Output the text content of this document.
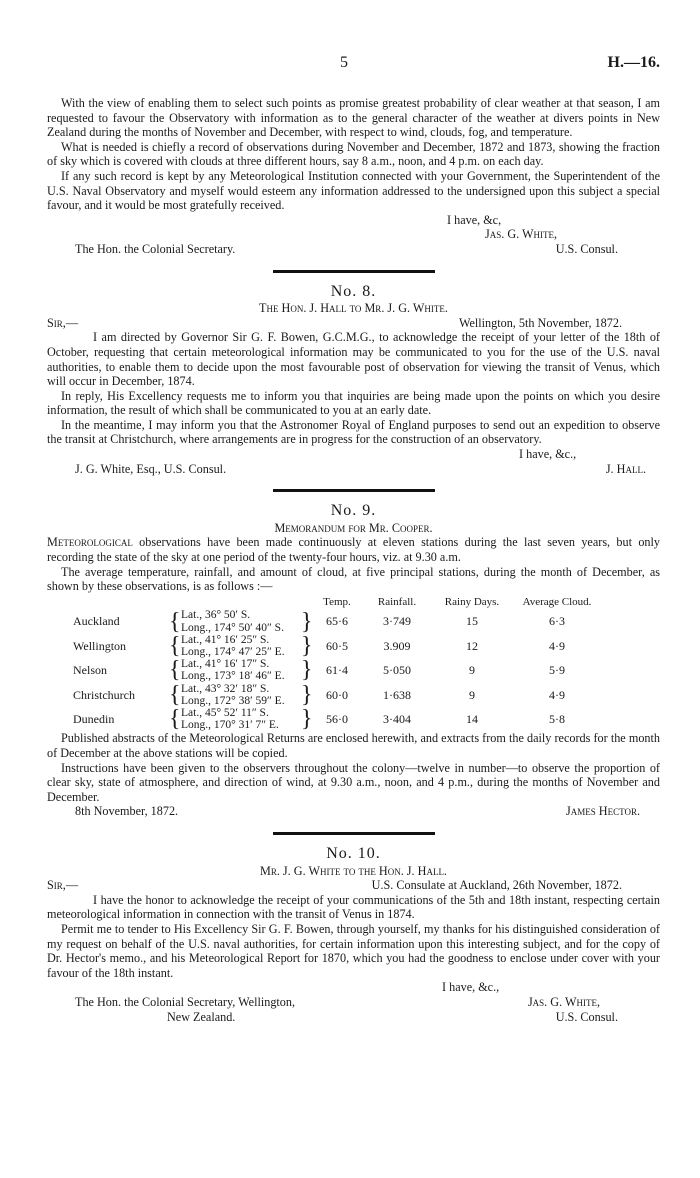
5	H.—16.

With the view of enabling them to select such points as promise greatest probability of clear weather at that season, I am requested to favour the Observatory with information as to the general character of the weather at divers points in New Zealand during the months of November and December, with respect to wind, clouds, fog, and temperature.

What is needed is chiefly a record of observations during November and December, 1872 and 1873, showing the fraction of sky which is covered with clouds at three different hours, say 8 a.m., noon, and 4 p.m. on each day.

If any such record is kept by any Meteorological Institution connected with your Government, the Superintendent of the U.S. Naval Observatory and myself would esteem any information addressed to the undersigned upon this subject a special favour, and it would be most gratefully received.

I have, &c,
Jas. G. White,
The Hon. the Colonial Secretary.	U.S. Consul.
No. 8.
The Hon. J. Hall to Mr. J. G. White.
Sir,—	Wellington, 5th November, 1872.

I am directed by Governor Sir G. F. Bowen, G.C.M.G., to acknowledge the receipt of your letter of the 18th of October, requesting that certain meteorological information may be communicated to you for the use of the U.S. naval authorities, to enable them to decide upon the most favourable post of observation for viewing the transit of Venus, which will occur in December, 1874.

In reply, His Excellency requests me to inform you that inquiries are being made upon the points on which you desire information, the result of which shall be communicated to you at an early date.

In the meantime, I may inform you that the Astronomer Royal of England purposes to send out an expedition to observe the transit at Christchurch, where arrangements are in progress for the construction of an observatory.

I have, &c.,
J. G. White, Esq., U.S. Consul.	J. Hall.
No. 9.
Memorandum for Mr. Cooper.

Meteorological observations have been made continuously at eleven stations during the last seven years, but only recording the state of the sky at one period of the twenty-four hours, viz. at 9.30 a.m.

The average temperature, rainfall, and amount of cloud, at five principal stations, during the month of December, as shown by these observations, is as follows :—

				Temp.	Rainfall.	Rainy Days.	Average Cloud.
Auckland	{	Lat., 36° 50′ S.
Long., 174° 50′ 40″ S.	}	65·6	3·749	15	6·3
Wellington	{	Lat., 41° 16′ 25″ S.
Long., 174° 47′ 25″ E.	}	60·5	3.909	12	4·9
Nelson	{	Lat., 41° 16′ 17″ S.
Long., 173° 18′ 46″ E.	}	61·4	5·050	9	5·9
Christchurch	{	Lat., 43° 32′ 18″ S.
Long., 172° 38′ 59″ E.	}	60·0	1·638	9	4·9
Dunedin	{	Lat., 45° 52′ 11″ S.
Long., 170° 31′ 7″ E.	}	56·0	3·404	14	5·8

Published abstracts of the Meteorological Returns are enclosed herewith, and extracts from the daily records for the month of December at the above stations will be copied.

Instructions have been given to the observers throughout the colony—twelve in number—to observe the proportion of clear sky, state of atmosphere, and direction of wind, at 9.30 a.m., noon, and 4 p.m., during the months of November and December.

8th November, 1872.	James Hector.
No. 10.
Mr. J. G. White to the Hon. J. Hall.
Sir,—	U.S. Consulate at Auckland, 26th November, 1872.

I have the honor to acknowledge the receipt of your communications of the 5th and 18th instant, respecting certain meteorological information in connection with the transit of Venus in 1874.

Permit me to tender to His Excellency Sir G. F. Bowen, through yourself, my thanks for his distinguished consideration of my request on behalf of the U.S. naval authorities, for certain information upon this interesting subject, and for the copy of Dr. Hector's memo., and his Meteorological Report for 1870, which you had the goodness to enclose under cover with your favour of the 18th instant.

I have, &c.,
The Hon. the Colonial Secretary, Wellington,	Jas. G. White,
New Zealand.	U.S. Consul.
